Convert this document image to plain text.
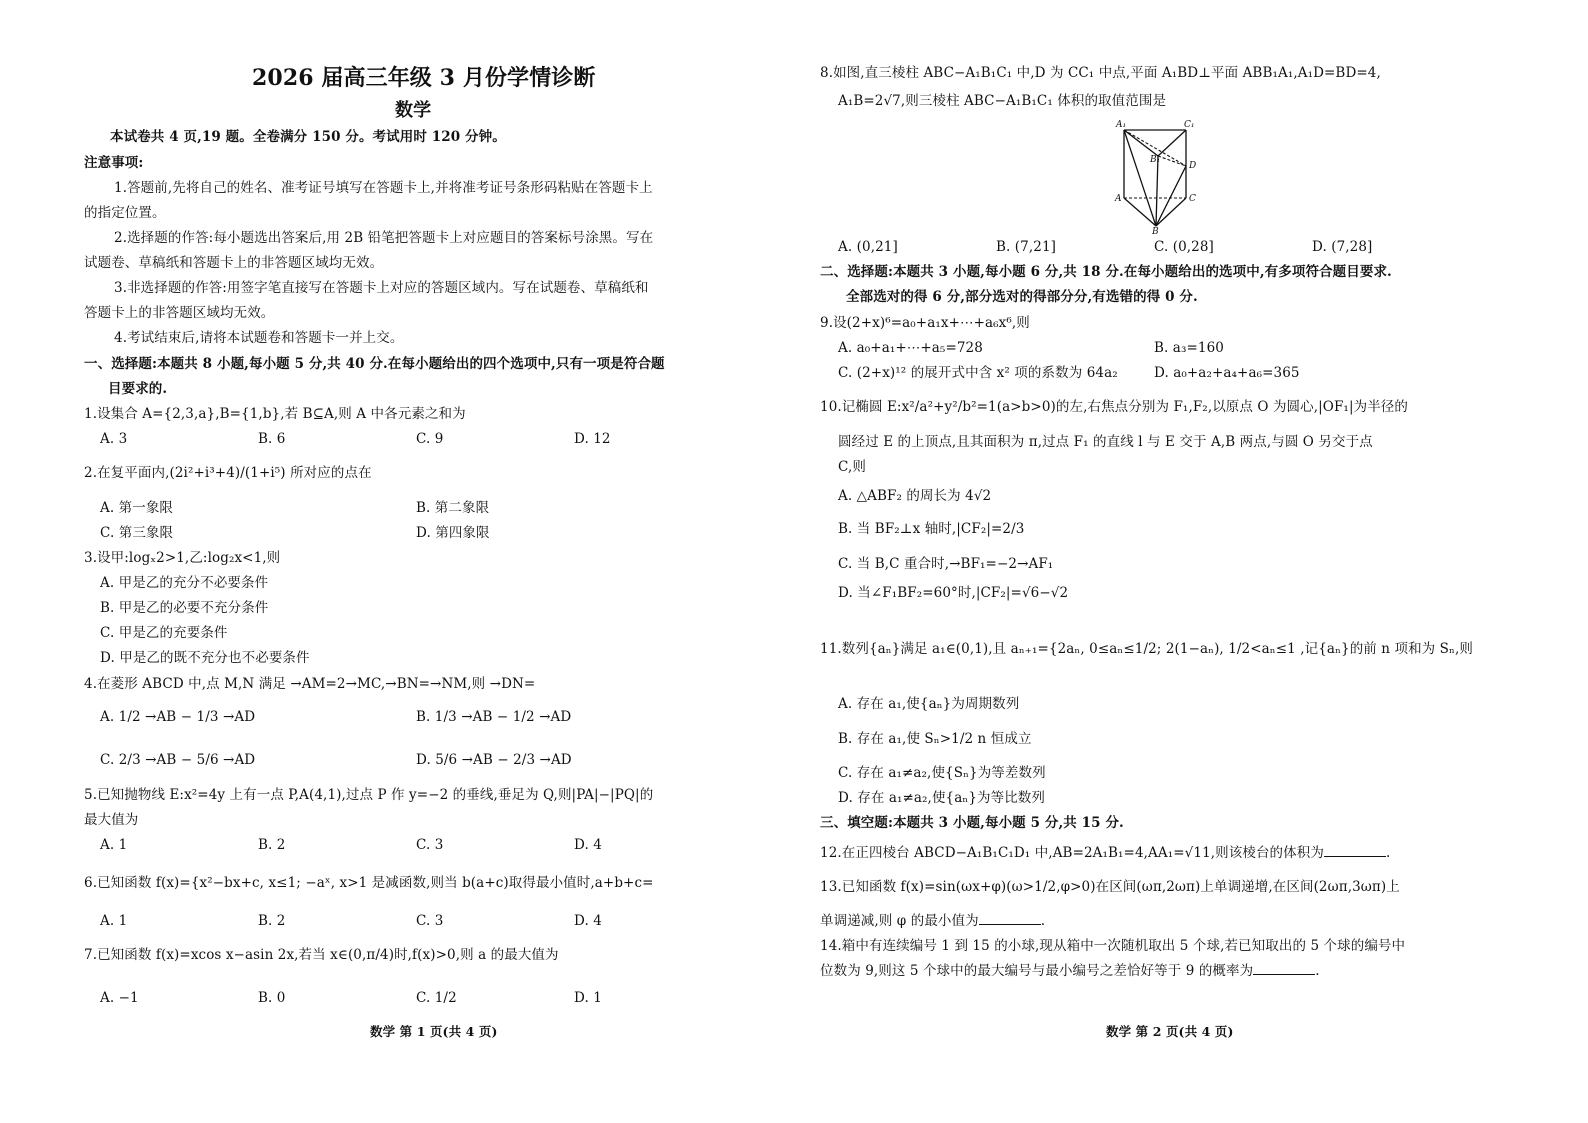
2026 届高三年级 3 月份学情诊断
数学
本试卷共 4 页,19 题。全卷满分 150 分。考试用时 120 分钟。
注意事项:
1.答题前,先将自己的姓名、准考证号填写在答题卡上,并将准考证号条形码粘贴在答题卡上
的指定位置。
2.选择题的作答:每小题选出答案后,用 2B 铅笔把答题卡上对应题目的答案标号涂黑。写在
试题卷、草稿纸和答题卡上的非答题区域均无效。
3.非选择题的作答:用签字笔直接写在答题卡上对应的答题区域内。写在试题卷、草稿纸和
答题卡上的非答题区域均无效。
4.考试结束后,请将本试题卷和答题卡一并上交。
一、选择题:本题共 8 小题,每小题 5 分,共 40 分.在每小题给出的四个选项中,只有一项是符合题
目要求的.
1.设集合 A={2,3,a},B={1,b},若 B⊆A,则 A 中各元素之和为
A. 3	B. 6	C. 9	D. 12
2.在复平面内,(2i²+i³+4)/(1+i⁵) 所对应的点在
A. 第一象限	B. 第二象限
C. 第三象限	D. 第四象限
3.设甲:logₓ2>1,乙:log₂x<1,则
A. 甲是乙的充分不必要条件
B. 甲是乙的必要不充分条件
C. 甲是乙的充要条件
D. 甲是乙的既不充分也不必要条件
4.在菱形 ABCD 中,点 M,N 满足 →AM=2→MC,→BN=→NM,则 →DN=
A. 1/2 →AB − 1/3 →AD	B. 1/3 →AB − 1/2 →AD
C. 2/3 →AB − 5/6 →AD	D. 5/6 →AB − 2/3 →AD
5.已知抛物线 E:x²=4y 上有一点 P,A(4,1),过点 P 作 y=−2 的垂线,垂足为 Q,则|PA|−|PQ|的
最大值为
A. 1	B. 2	C. 3	D. 4
6.已知函数 f(x)={x²−bx+c, x≤1; −aˣ, x>1 是减函数,则当 b(a+c)取得最小值时,a+b+c=
A. 1	B. 2	C. 3	D. 4
7.已知函数 f(x)=xcos x−asin 2x,若当 x∈(0,π/4)时,f(x)>0,则 a 的最大值为
A. −1	B. 0	C. 1/2	D. 1
数学 第 1 页(共 4 页)
8.如图,直三棱柱 ABC−A₁B₁C₁ 中,D 为 CC₁ 中点,平面 A₁BD⊥平面 ABB₁A₁,A₁D=BD=4,
A₁B=2√7,则三棱柱 ABC−A₁B₁C₁ 体积的取值范围是
A₁	C₁
B₁
D
A	C
B
A. (0,21]	B. (7,21]	C. (0,28]	D. (7,28]
二、选择题:本题共 3 小题,每小题 6 分,共 18 分.在每小题给出的选项中,有多项符合题目要求.
全部选对的得 6 分,部分选对的得部分分,有选错的得 0 分.
9.设(2+x)⁶=a₀+a₁x+⋯+a₆x⁶,则
A. a₀+a₁+⋯+a₅=728	B. a₃=160
C. (2+x)¹² 的展开式中含 x² 项的系数为 64a₂	D. a₀+a₂+a₄+a₆=365
10.记椭圆 E:x²/a²+y²/b²=1(a>b>0)的左,右焦点分别为 F₁,F₂,以原点 O 为圆心,|OF₁|为半径的
圆经过 E 的上顶点,且其面积为 π,过点 F₁ 的直线 l 与 E 交于 A,B 两点,与圆 O 另交于点
C,则
A. △ABF₂ 的周长为 4√2
B. 当 BF₂⊥x 轴时,|CF₂|=2/3
C. 当 B,C 重合时,→BF₁=−2→AF₁
D. 当∠F₁BF₂=60°时,|CF₂|=√6−√2
11.数列{aₙ}满足 a₁∈(0,1),且 aₙ₊₁={2aₙ, 0≤aₙ≤1/2; 2(1−aₙ), 1/2<aₙ≤1 ,记{aₙ}的前 n 项和为 Sₙ,则
A. 存在 a₁,使{aₙ}为周期数列
B. 存在 a₁,使 Sₙ>1/2 n 恒成立
C. 存在 a₁≠a₂,使{Sₙ}为等差数列
D. 存在 a₁≠a₂,使{aₙ}为等比数列
三、填空题:本题共 3 小题,每小题 5 分,共 15 分.
12.在正四棱台 ABCD−A₁B₁C₁D₁ 中,AB=2A₁B₁=4,AA₁=√11,则该棱台的体积为	.
13.已知函数 f(x)=sin(ωx+φ)(ω>1/2,φ>0)在区间(ωπ,2ωπ)上单调递增,在区间(2ωπ,3ωπ)上
单调递减,则 φ 的最小值为	.
14.箱中有连续编号 1 到 15 的小球,现从箱中一次随机取出 5 个球,若已知取出的 5 个球的编号中
位数为 9,则这 5 个球中的最大编号与最小编号之差恰好等于 9 的概率为	.
数学 第 2 页(共 4 页)
